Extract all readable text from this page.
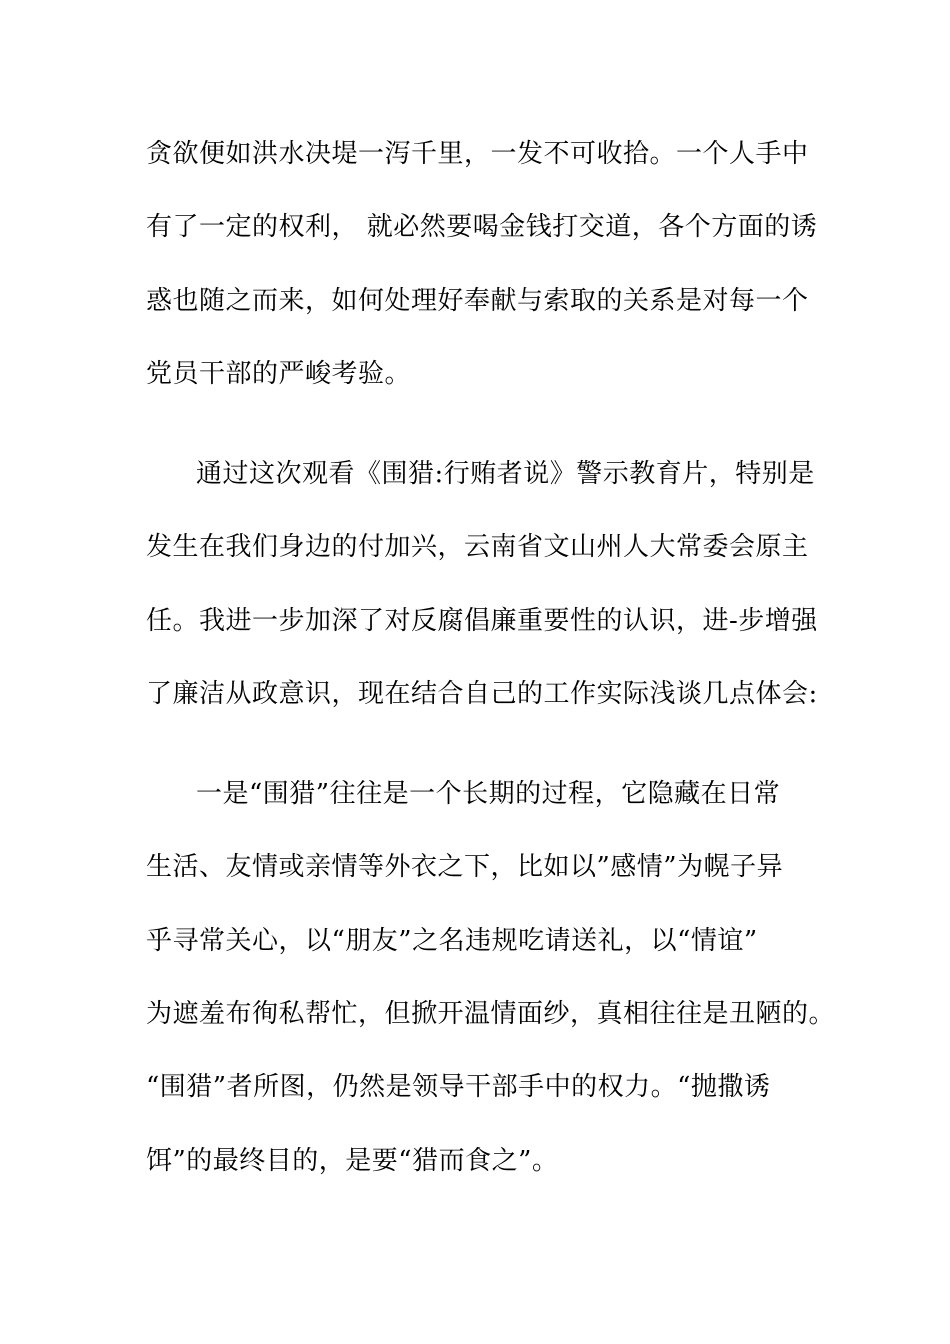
贪欲便如洪水决堤一泻千里，一发不可收拾。一个人手中
有了一定的权利， 就必然要喝金钱打交道，各个方面的诱
惑也随之而来，如何处理好奉献与索取的关系是对每一个
党员干部的严峻考验。
通过这次观看《围猎:行贿者说》警示教育片，特别是
发生在我们身边的付加兴，云南省文山州人大常委会原主
任。我进一步加深了对反腐倡廉重要性的认识，进-步增强
了廉洁从政意识，现在结合自己的工作实际浅谈几点体会:
一是“围猎”往往是一个长期的过程，它隐藏在日常
生活、友情或亲情等外衣之下，比如以”感情”为幌子异
乎寻常关心，以“朋友”之名违规吃请送礼，以“情谊”
为遮羞布徇私帮忙，但掀开温情面纱，真相往往是丑陋的。
“围猎”者所图，仍然是领导干部手中的权力。“抛撒诱
饵”的最终目的，是要“猎而食之”。
